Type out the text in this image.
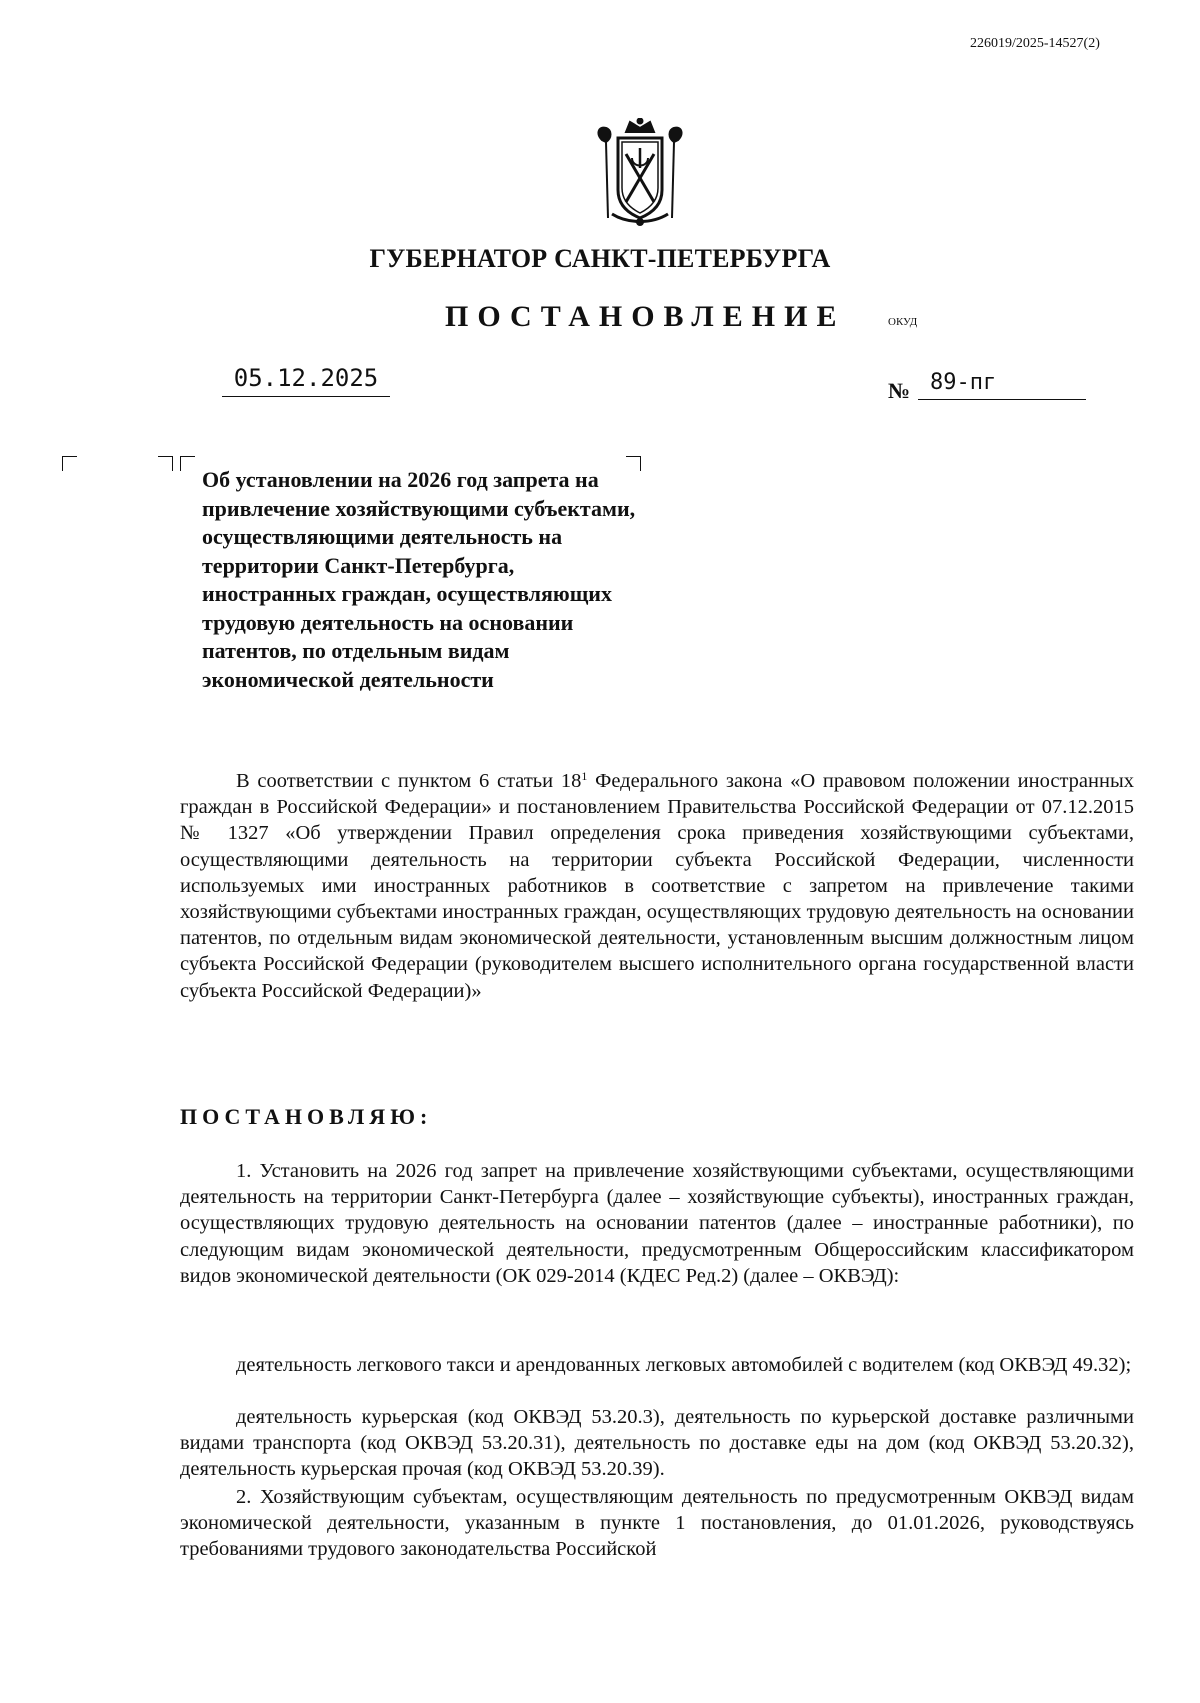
226019/2025-14527(2)
ГУБЕРНАТОР САНКТ-ПЕТЕРБУРГА
ПОСТАНОВЛЕНИЕ	ОКУД
05.12.2025	№ 89-пг
Об установлении на 2026 год запрета на привлечение хозяйствующими субъектами, осуществляющими деятельность на территории Санкт-Петербурга, иностранных граждан, осуществляющих трудовую деятельность на основании патентов, по отдельным видам экономической деятельности
В соответствии с пунктом 6 статьи $18^1$ Федерального закона «О правовом положении иностранных граждан в Российской Федерации» и постановлением Правительства Российской Федерации от 07.12.2015 № 1327 «Об утверждении Правил определения срока приведения хозяйствующими субъектами, осуществляющими деятельность на территории субъекта Российской Федерации, численности используемых ими иностранных работников в соответствие с запретом на привлечение такими хозяйствующими субъектами иностранных граждан, осуществляющих трудовую деятельность на основании патентов, по отдельным видам экономической деятельности, установленным высшим должностным лицом субъекта Российской Федерации (руководителем высшего исполнительного органа государственной власти субъекта Российской Федерации)»
ПОСТАНОВЛЯЮ:
1. Установить на 2026 год запрет на привлечение хозяйствующими субъектами, осуществляющими деятельность на территории Санкт-Петербурга (далее – хозяйствующие субъекты), иностранных граждан, осуществляющих трудовую деятельность на основании патентов (далее – иностранные работники), по следующим видам экономической деятельности, предусмотренным Общероссийским классификатором видов экономической деятельности (ОК 029-2014 (КДЕС Ред.2) (далее – ОКВЭД):
деятельность легкового такси и арендованных легковых автомобилей с водителем (код ОКВЭД 49.32);
деятельность курьерская (код ОКВЭД 53.20.3), деятельность по курьерской доставке различными видами транспорта (код ОКВЭД 53.20.31), деятельность по доставке еды на дом (код ОКВЭД 53.20.32), деятельность курьерская прочая (код ОКВЭД 53.20.39).
2. Хозяйствующим субъектам, осуществляющим деятельность по предусмотренным ОКВЭД видам экономической деятельности, указанным в пункте 1 постановления, до 01.01.2026, руководствуясь требованиями трудового законодательства Российской
